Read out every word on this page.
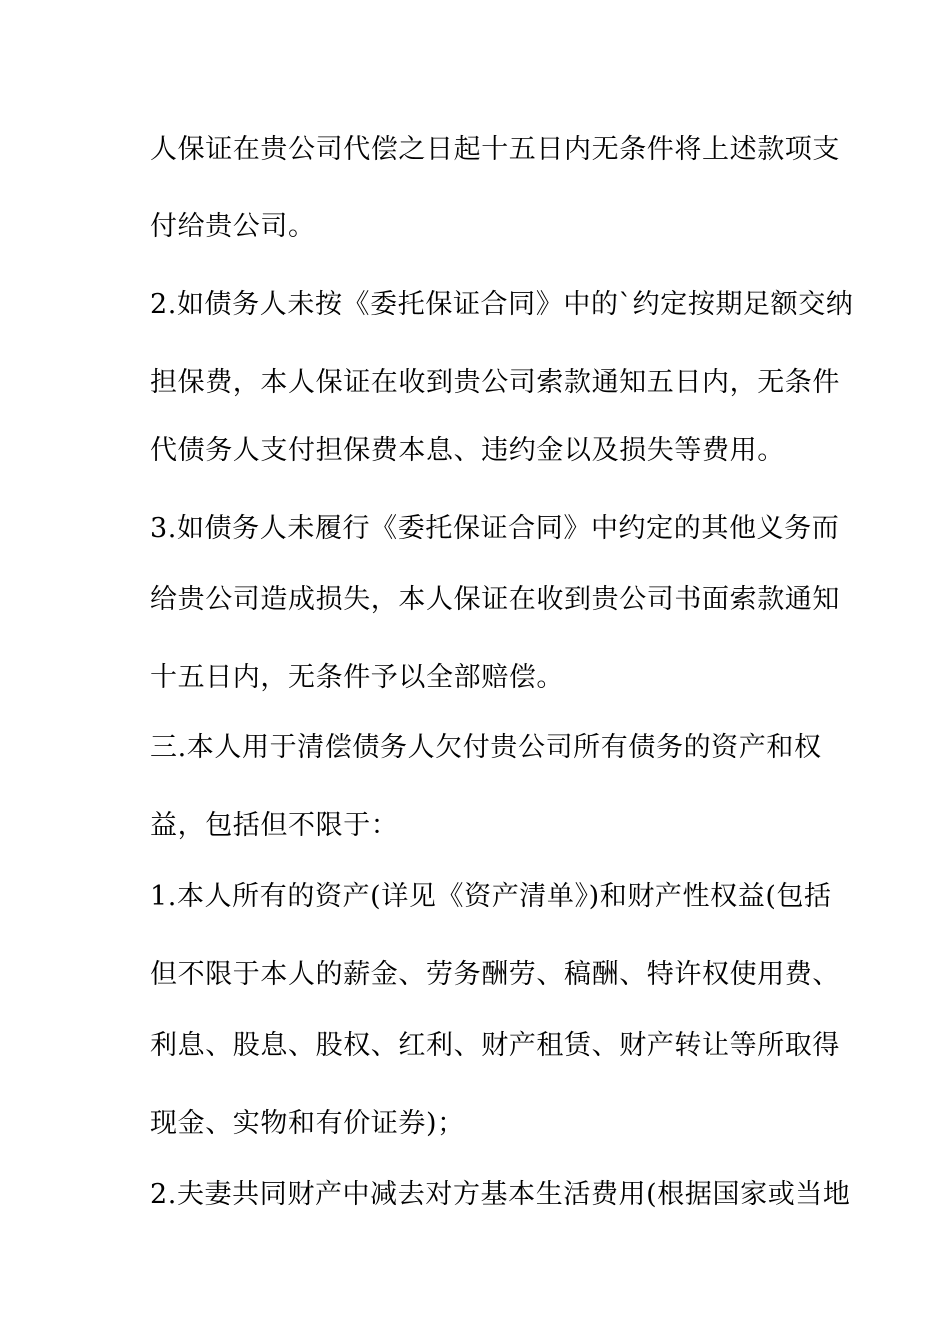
人保证在贵公司代偿之日起十五日内无条件将上述款项支
付给贵公司。
2.如债务人未按《委托保证合同》中的`约定按期足额交纳
担保费，本人保证在收到贵公司索款通知五日内，无条件
代债务人支付担保费本息、违约金以及损失等费用。
3.如债务人未履行《委托保证合同》中约定的其他义务而
给贵公司造成损失，本人保证在收到贵公司书面索款通知
十五日内，无条件予以全部赔偿。
三.本人用于清偿债务人欠付贵公司所有债务的资产和权
益，包括但不限于：
1.本人所有的资产(详见《资产清单》)和财产性权益(包括
但不限于本人的薪金、劳务酬劳、稿酬、特许权使用费、
利息、股息、股权、红利、财产租赁、财产转让等所取得
现金、实物和有价证券)；
2.夫妻共同财产中减去对方基本生活费用(根据国家或当地
